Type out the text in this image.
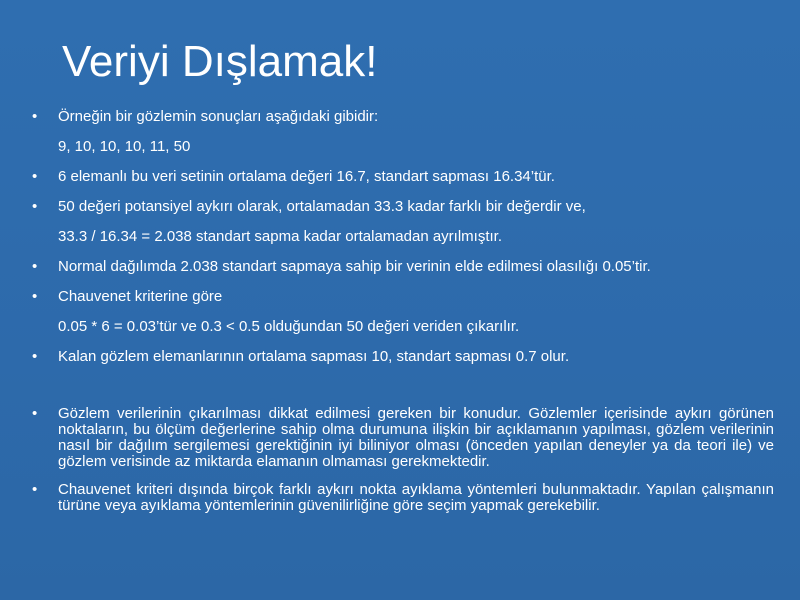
Veriyi Dışlamak!
• Örneğin bir gözlemin sonuçları aşağıdaki gibidir:
9, 10, 10, 10, 11, 50
• 6 elemanlı bu veri setinin ortalama değeri 16.7, standart sapması 16.34’tür.
• 50 değeri potansiyel aykırı olarak, ortalamadan 33.3 kadar farklı bir değerdir ve,
33.3 / 16.34 = 2.038 standart sapma kadar ortalamadan ayrılmıştır.
• Normal dağılımda 2.038 standart sapmaya sahip bir verinin elde edilmesi olasılığı 0.05’tir.
• Chauvenet kriterine göre
0.05 * 6 = 0.03’tür ve 0.3 < 0.5 olduğundan 50 değeri veriden çıkarılır.
• Kalan gözlem elemanlarının ortalama sapması 10, standart sapması 0.7 olur.
• Gözlem verilerinin çıkarılması dikkat edilmesi gereken bir konudur. Gözlemler içerisinde aykırı görünen noktaların, bu ölçüm değerlerine sahip olma durumuna ilişkin bir açıklamanın yapılması, gözlem verilerinin nasıl bir dağılım sergilemesi gerektiğinin iyi biliniyor olması (önceden yapılan deneyler ya da teori ile) ve gözlem verisinde az miktarda elamanın olmaması gerekmektedir.
• Chauvenet kriteri dışında birçok farklı aykırı nokta ayıklama yöntemleri bulunmaktadır. Yapılan çalışmanın türüne veya ayıklama yöntemlerinin güvenilirliğine göre seçim yapmak gerekebilir.
